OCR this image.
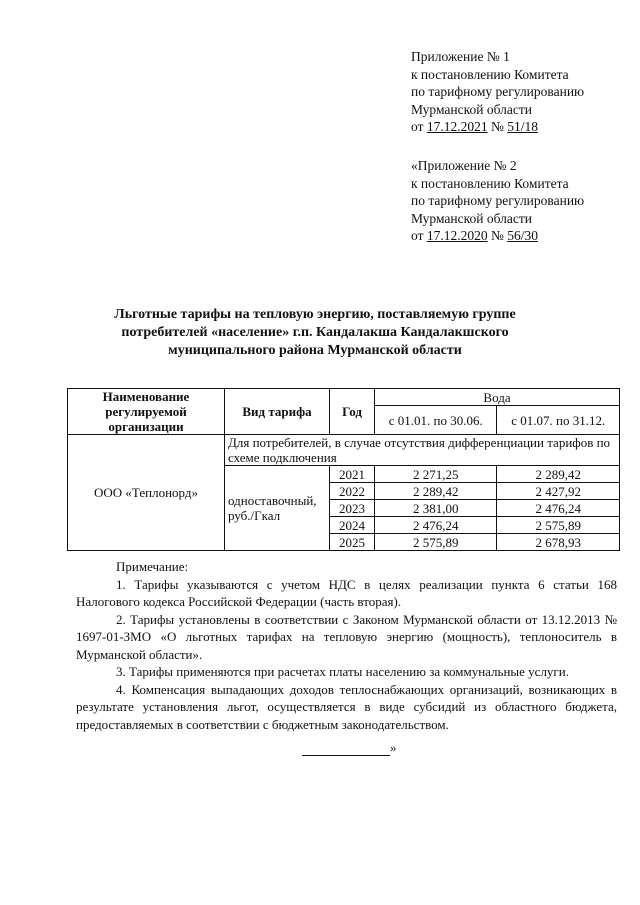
Приложение № 1
к постановлению Комитета
по тарифному регулированию
Мурманской области
от 17.12.2021 № 51/18
«Приложение № 2
к постановлению Комитета
по тарифному регулированию
Мурманской области
от 17.12.2020 № 56/30
Льготные тарифы на тепловую энергию, поставляемую группе
потребителей «население» г.п. Кандалакша Кандалакшского
муниципального района Мурманской области
Наименование регулируемой организации	Вид тарифа	Год	Вода	
			с 01.01. по 30.06.	с 01.07. по 31.12.
ООО «Теплонорд»	Для потребителей, в случае отсутствия дифференциации тарифов по схеме подключения			
	одноставочный, руб./Гкал	2021	2 271,25	2 289,42
		2022	2 289,42	2 427,92
		2023	2 381,00	2 476,24
		2024	2 476,24	2 575,89
		2025	2 575,89	2 678,93

Примечание:

1. Тарифы указываются с учетом НДС в целях реализации пункта 6 статьи 168 Налогового кодекса Российской Федерации (часть вторая).

2. Тарифы установлены в соответствии с Законом Мурманской области от 13.12.2013 № 1697-01-ЗМО «О льготных тарифах на тепловую энергию (мощность), теплоноситель в Мурманской области».

3. Тарифы применяются при расчетах платы населению за коммунальные услуги.

4. Компенсация выпадающих доходов теплоснабжающих организаций, возникающих в результате установления льгот, осуществляется в виде субсидий из областного бюджета, предоставляемых в соответствии с бюджетным законодательством.

»
